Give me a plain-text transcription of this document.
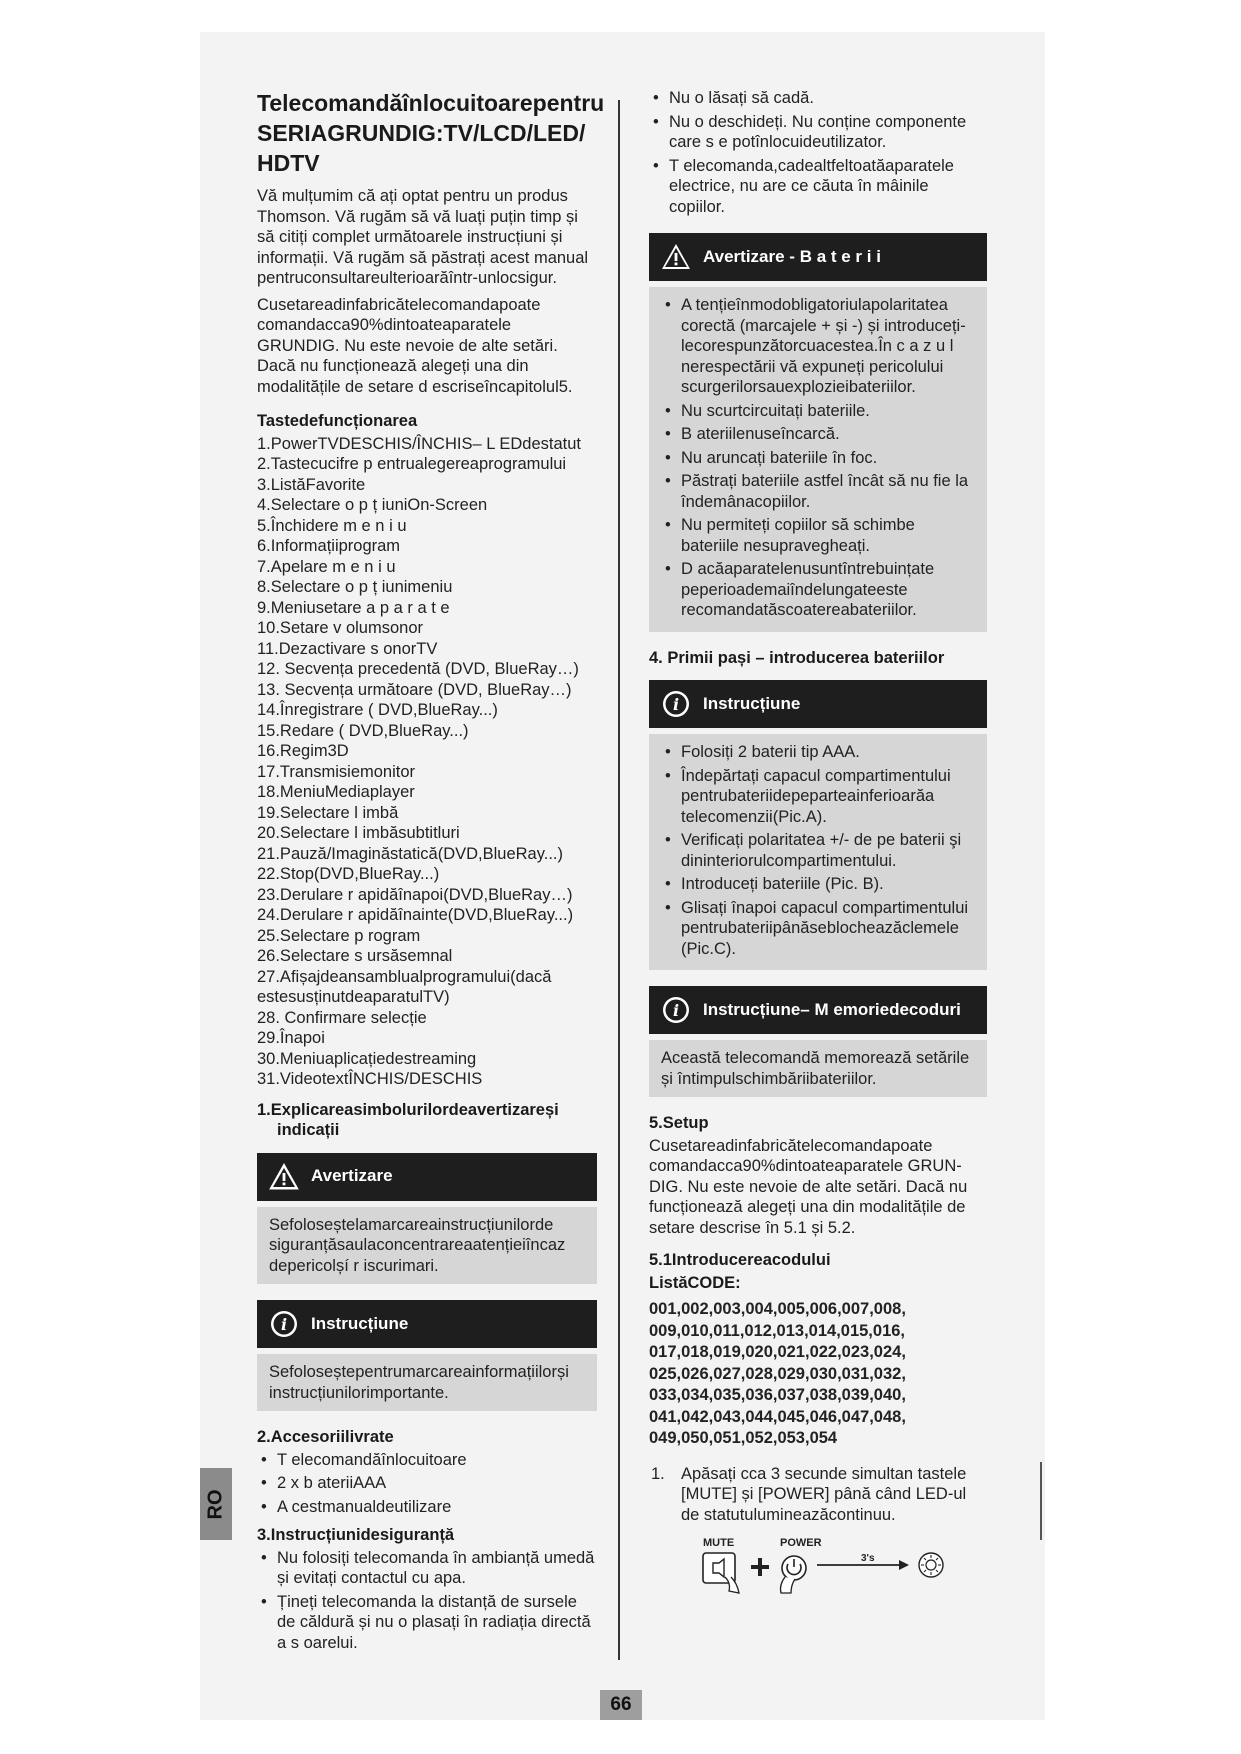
Telecomandăînlocuitoarepentru
SERIAGRUNDIG:TV/LCD/LED/
HDTV

Vă mulțumim că ați optat pentru un produs Thomson. Vă rugăm să vă luați puțin timp și să citiți complet următoarele instrucțiuni și informații. Vă rugăm să păstrați acest manual pentruconsultareulterioarăîntr-unlocsigur.

Cusetareadinfabricătelecomandapoate comandacca90%dintoateaparatele GRUNDIG. Nu este nevoie de alte setări. Dacă nu funcționează alegeți una din modalitățile de setare d escriseîncapitolul5.

Tastedefuncționarea
1.PowerTVDESCHIS/ÎNCHIS– L EDdestatut
2.Tastecucifre p entrualegereaprogramului
3.ListăFavorite
4.Selectare o p ț iuniOn-Screen
5.Închidere m e n i u
6.Informațiiprogram
7.Apelare m e n i u
8.Selectare o p ț iunimeniu
9.Meniusetare a p a r a t e
10.Setare v olumsonor
11.Dezactivare s onorTV
12. Secvența precedentă (DVD, BlueRay…)
13. Secvența următoare (DVD, BlueRay…)
14.Înregistrare ( DVD,BlueRay...)
15.Redare ( DVD,BlueRay...)
16.Regim3D
17.Transmisiemonitor
18.MeniuMediaplayer
19.Selectare l imbă
20.Selectare l imbăsubtitluri
21.Pauză/Imaginăstatică(DVD,BlueRay...)
22.Stop(DVD,BlueRay...)
23.Derulare r apidăînapoi(DVD,BlueRay…)
24.Derulare r apidăînainte(DVD,BlueRay...)
25.Selectare p rogram
26.Selectare s ursăsemnal
27.Afișajdeansamblualprogramului(dacă
estesusținutdeaparatulTV)
28. Confirmare selecție
29.Înapoi
30.Meniuaplicațiedestreaming
31.VideotextÎNCHIS/DESCHIS
1.Explicareasimbolurilordeavertizareși
indicații
Avertizare

Sefoloseștelamarcareainstrucțiunilorde siguranțăsaulaconcentrareaatențieiîncaz depericolșí r iscurimari.

i Instrucțiune

Sefoloseștepentrumarcareainformațiilorși instrucțiunilorimportante.

2.Accesoriilivrate
• T elecomandăînlocuitoare
• 2 x b ateriiAAA
• A cestmanualdeutilizare
3.Instrucțiunidesiguranță
• Nu folosiți telecomanda în ambianță umedă și evitați contactul cu apa.
• Țineți telecomanda la distanță de sursele de căldură și nu o plasați în radiația directă a s oarelui.
• Nu o lăsați să cadă.
• Nu o deschideți. Nu conține componente care s e potînlocuideutilizator.
• T elecomanda,cadealtfeltoatăaparatele electrice, nu are ce căuta în mâinile copiilor.
Avertizare - B a t e r i i
• A tențieînmodobligatoriulapolaritatea corectă (marcajele + și -) și introduceți-lecorespunzătorcuacestea.În c a z u l nerespectării vă expuneți pericolului scurgerilorsauexplozieibateriilor.
• Nu scurtcircuitați bateriile.
• B ateriilenuseîncarcă.
• Nu aruncați bateriile în foc.
• Păstrați bateriile astfel încât să nu fie la îndemânacopiilor.
• Nu permiteți copiilor să schimbe bateriile nesupravegheați.
• D acăaparatelenusuntîntrebuințate peperioademaiîndelungateeste recomandatăscoatereabateriilor.
4. Primii pași – introducerea bateriilor
i Instrucțiune
• Folosiți 2 baterii tip AAA.
• Îndepărtați capacul compartimentului pentrubateriidepeparteainferioarăa telecomenzii(Pic.A).
• Verificați polaritatea +/- de pe baterii şi dininteriorulcompartimentului.
• Introduceți bateriile (Pic. B).
• Glisați înapoi capacul compartimentului pentrubateriipânăseblocheazăclemele (Pic.C).
i Instrucțiune– M emoriedecoduri

Această telecomandă memorează setările și întimpulschimbăriibateriilor.

5.Setup

Cusetareadinfabricătelecomandapoate comandacca90%dintoateaparatele GRUN-DIG. Nu este nevoie de alte setări. Dacă nu funcționează alegeți una din modalitățile de setare descrise în 5.1 și 5.2.

5.1Introducereacodului
ListăCODE:
001,002,003,004,005,006,007,008, 009,010,011,012,013,014,015,016, 017,018,019,020,021,022,023,024, 025,026,027,028,029,030,031,032, 033,034,035,036,037,038,039,040, 041,042,043,044,045,046,047,048, 049,050,051,052,053,054
1. Apăsați cca 3 secunde simultan tastele [MUTE] și [POWER] până când LED-ul de statutulumineazăcontinuu.
MUTE	POWER
3's
RO
66
